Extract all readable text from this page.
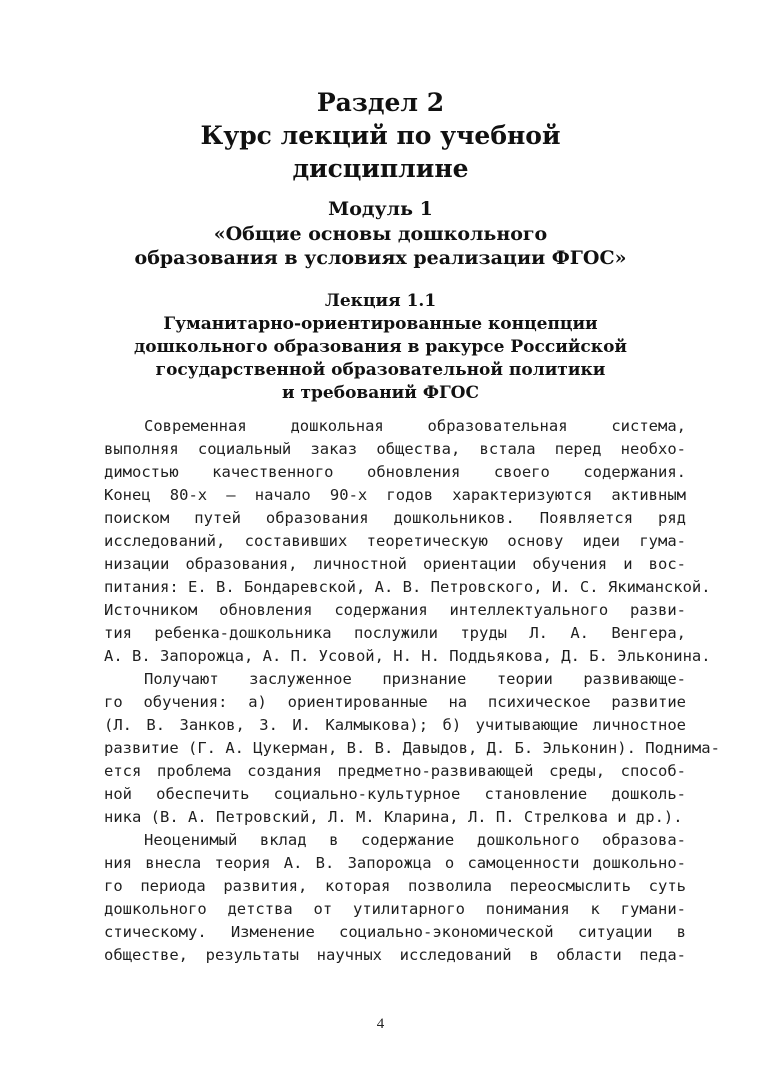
Раздел 2
Курс лекций по учебной
дисциплине
Модуль 1
«Общие основы дошкольного
образования в условиях реализации ФГОС»
Лекция 1.1
Гуманитарно-ориентированные концепции
дошкольного образования в ракурсе Российской
государственной образовательной политики
и требований ФГОС
Современная дошкольная образовательная система,
выполняя социальный заказ общества, встала перед необхо-
димостью качественного обновления своего содержания.
Конец 80-х — начало 90-х годов характеризуются активным
поиском путей образования дошкольников. Появляется ряд
исследований, составивших теоретическую основу идеи гума-
низации образования, личностной ориентации обучения и вос-
питания: Е. В. Бондаревской, А. В. Петровского, И. С. Якиманской.
Источником обновления содержания интеллектуального разви-
тия ребенка-дошкольника послужили труды Л. А. Венгера,
А. В. Запорожца, А. П. Усовой, Н. Н. Поддьякова, Д. Б. Эльконина.
Получают заслуженное признание теории развивающе-
го обучения: а) ориентированные на психическое развитие
(Л. В. Занков, З. И. Калмыкова); б) учитывающие личностное
развитие (Г. А. Цукерман, В. В. Давыдов, Д. Б. Эльконин). Поднима-
ется проблема создания предметно-развивающей среды, способ-
ной обеспечить социально-культурное становление дошколь-
ника (В. А. Петровский, Л. М. Кларина, Л. П. Стрелкова и др.).
Неоценимый вклад в содержание дошкольного образова-
ния внесла теория А. В. Запорожца о самоценности дошкольно-
го периода развития, которая позволила переосмыслить суть
дошкольного детства от утилитарного понимания к гумани-
стическому. Изменение социально-экономической ситуации в
обществе, результаты научных исследований в области педа-
4
